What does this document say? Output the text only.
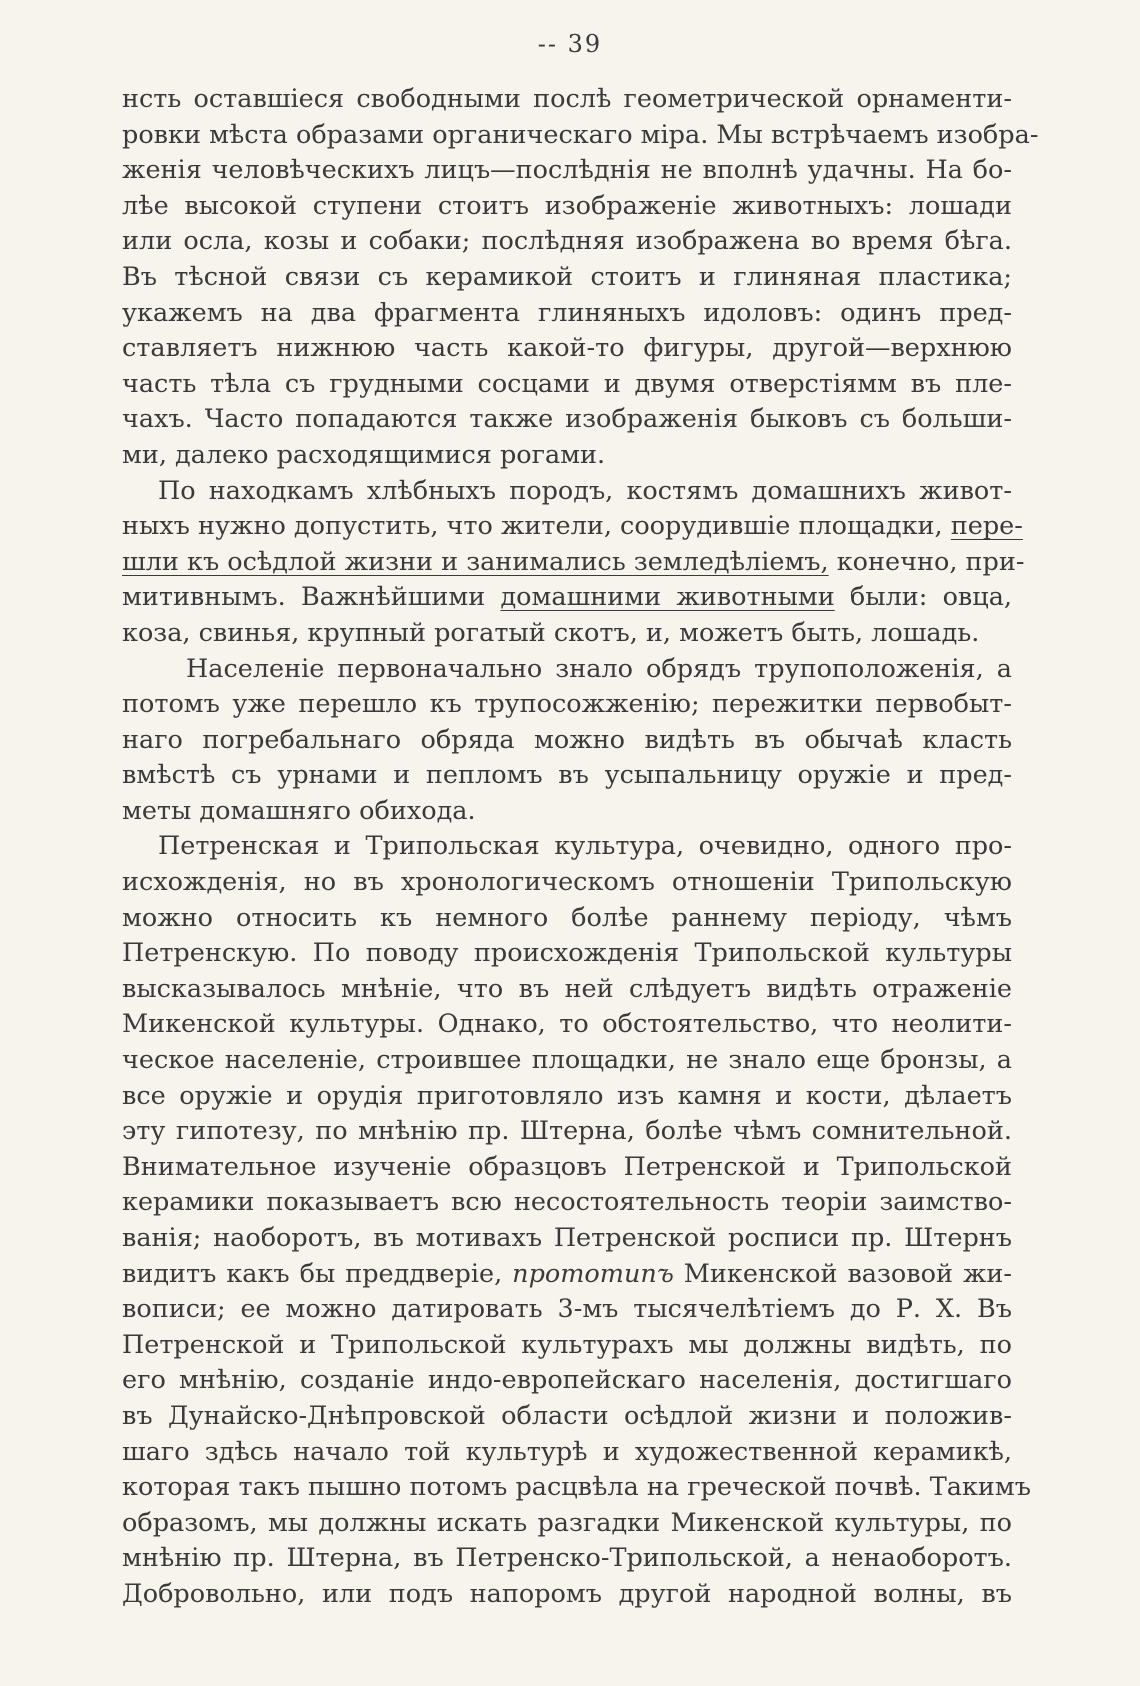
-- 39
нсть оставшіеся свободными послѣ геометрической орнаменти-
ровки мѣста образами органическаго міра. Мы встрѣчаемъ изобра-
женія человѣческихъ лицъ—послѣднія не вполнѣ удачны. На бо-
лѣе высокой ступени стоитъ изображеніе животныхъ: лошади
или осла, козы и собаки; послѣдняя изображена во время бѣга.
Въ тѣсной связи съ керамикой стоитъ и глиняная пластика;
укажемъ на два фрагмента глиняныхъ идоловъ: одинъ пред-
ставляетъ нижнюю часть какой-то фигуры, другой—верхнюю
часть тѣла съ грудными сосцами и двумя отверстіямм въ пле-
чахъ. Часто попадаются также изображенія быковъ съ больши-
ми, далеко расходящимися рогами.
По находкамъ хлѣбныхъ породъ, костямъ домашнихъ живот-
ныхъ нужно допустить, что жители, соорудившіе площадки, пере-
шли къ осѣдлой жизни и занимались земледѣліемъ, конечно, при-
митивнымъ. Важнѣйшими домашними животными были: овца,
коза, свинья, крупный рогатый скотъ, и, можетъ быть, лошадь.
Населеніе первоначально знало обрядъ трупоположенія, а
потомъ уже перешло къ трупосожженію; пережитки первобыт-
наго погребальнаго обряда можно видѣть въ обычаѣ класть
вмѣстѣ съ урнами и пепломъ въ усыпальницу оружіе и пред-
меты домашняго обихода.
Петренская и Трипольская культура, очевидно, одного про-
исхожденія, но въ хронологическомъ отношеніи Трипольскую
можно относить къ немного болѣе раннему періоду, чѣмъ
Петренскую. По поводу происхожденія Трипольской культуры
высказывалось мнѣніе, что въ ней слѣдуетъ видѣть отраженіе
Микенской культуры. Однако, то обстоятельство, что неолити-
ческое населеніе, строившее площадки, не знало еще бронзы, а
все оружіе и орудія приготовляло изъ камня и кости, дѣлаетъ
эту гипотезу, по мнѣнію пр. Штерна, болѣе чѣмъ сомнительной.
Внимательное изученіе образцовъ Петренской и Трипольской
керамики показываетъ всю несостоятельность теоріи заимство-
ванія; наоборотъ, въ мотивахъ Петренской росписи пр. Штернъ
видитъ какъ бы преддверіе, прототипъ Микенской вазовой жи-
вописи; ее можно датировать 3-мъ тысячелѣтіемъ до Р. Х. Въ
Петренской и Трипольской культурахъ мы должны видѣть, по
его мнѣнію, созданіе индо-европейскаго населенія, достигшаго
въ Дунайско-Днѣпровской области осѣдлой жизни и положив-
шаго здѣсь начало той культурѣ и художественной керамикѣ,
которая такъ пышно потомъ расцвѣла на греческой почвѣ. Такимъ
образомъ, мы должны искать разгадки Микенской культуры, по
мнѣнію пр. Штерна, въ Петренско-Трипольской, а ненаоборотъ.
Добровольно, или подъ напоромъ другой народной волны, въ
